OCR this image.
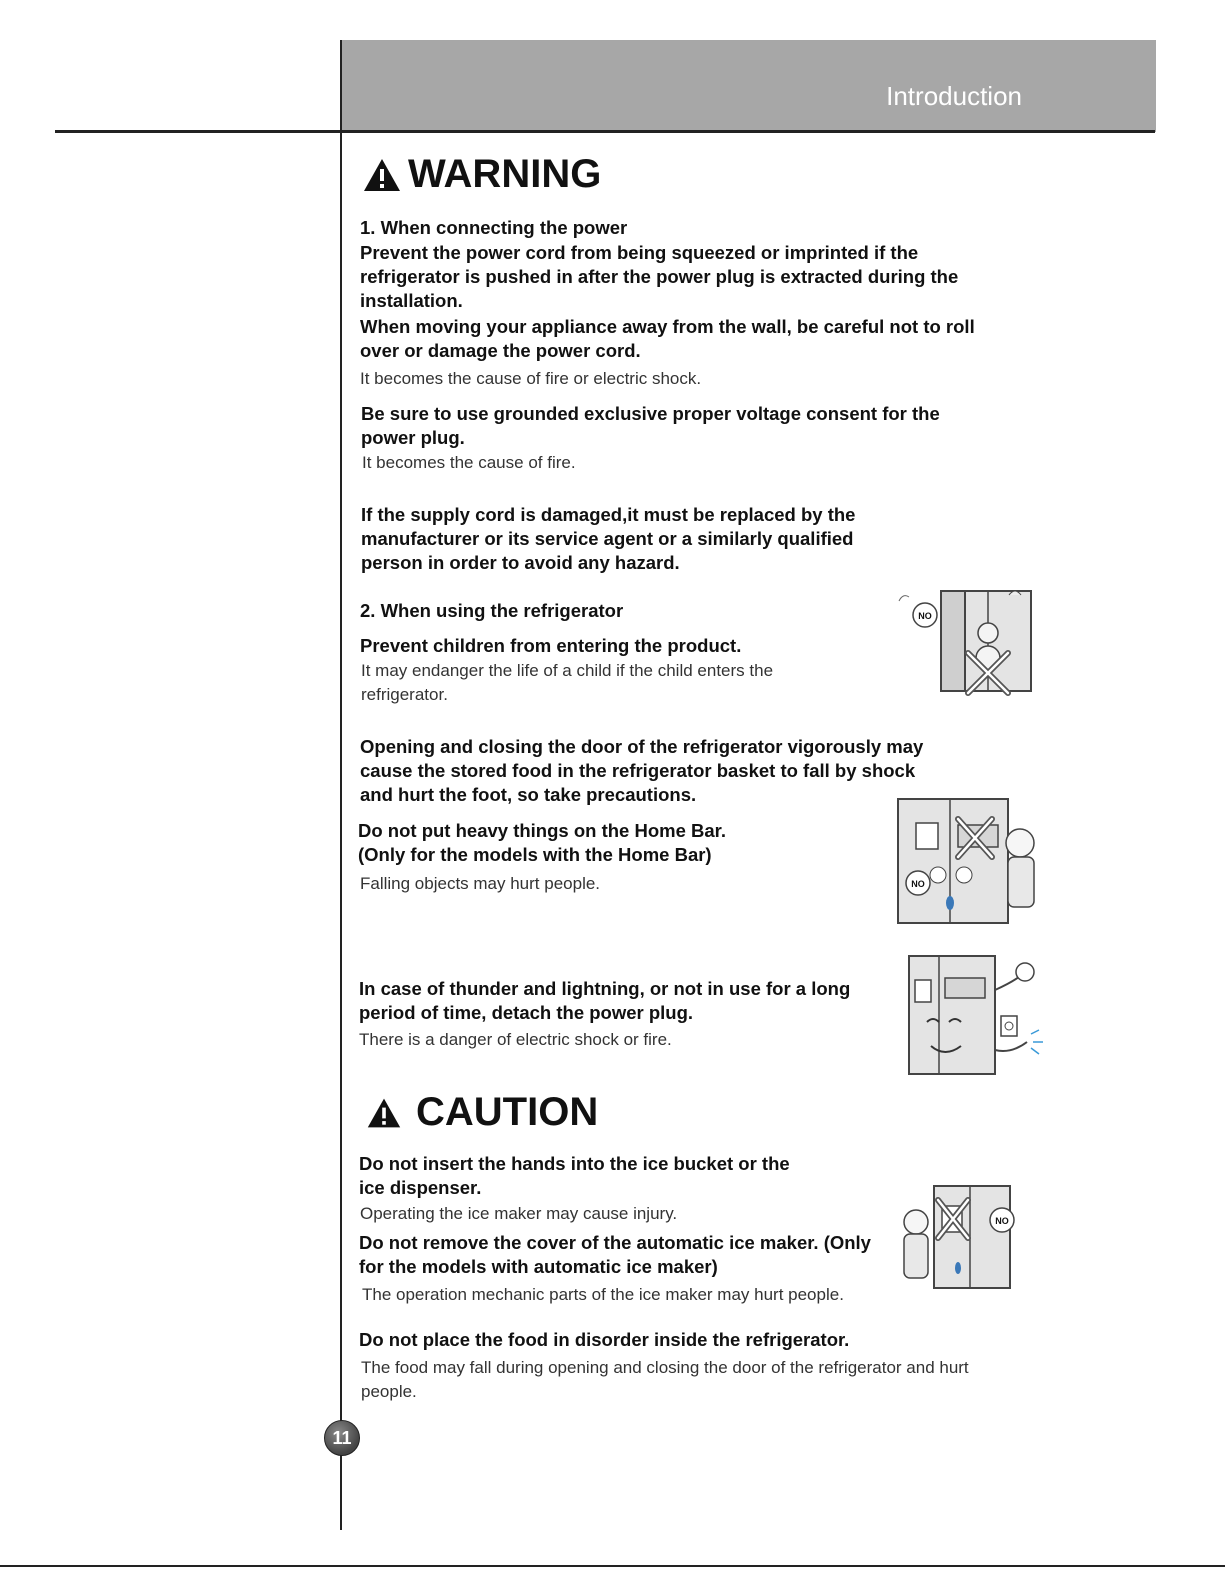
Introduction
WARNING
1. When connecting the power
Prevent the power cord from being squeezed or imprinted if the refrigerator is pushed in after the power plug is extracted during the installation.
When moving your appliance away from the wall, be careful not to roll over or damage the power cord.
It becomes the cause of fire or electric shock.
Be sure to use grounded exclusive proper voltage consent for the power plug.
It becomes the cause of fire.
If the supply cord is damaged,it must be replaced by the manufacturer or its service agent or a similarly qualified person in order to avoid any hazard.
2. When using the refrigerator
Prevent children from entering the product.
It may endanger the life of a child if the child enters the refrigerator.
Opening and closing the door of the refrigerator vigorously may cause the stored food in the refrigerator basket to fall by shock and hurt the foot, so take precautions.
Do not put heavy things on the Home Bar. (Only for the models with the Home Bar)
Falling objects may hurt people.
In case of thunder and lightning, or not in use for a long period of time, detach the power plug.
There is a danger of electric shock or fire.
CAUTION
Do not insert the hands into the ice bucket or the ice dispenser.
Operating the ice maker may cause injury.
Do not remove the cover of the automatic ice maker. (Only for the models with automatic ice maker)
The operation mechanic parts of the ice maker may hurt people.
Do not place the food in disorder inside the refrigerator.
The food may fall during opening and closing the door of the refrigerator and hurt people.
NO
NO
NO
11
